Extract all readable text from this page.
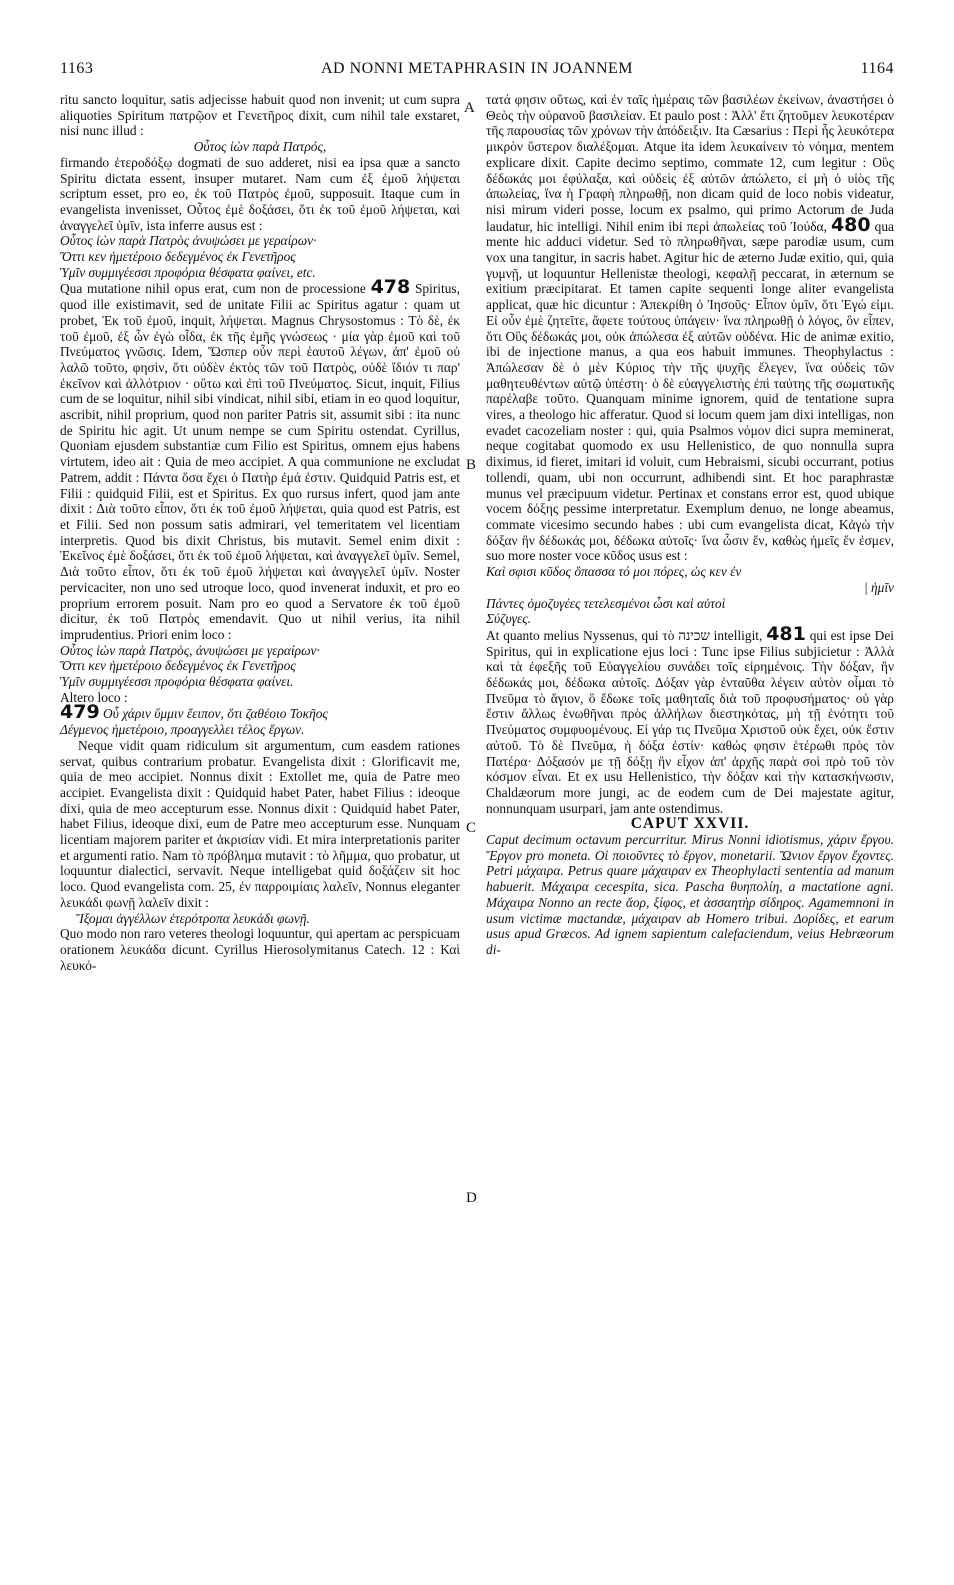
AD NONNI METAPHRASIN IN JOANNEM
1163	1164
A
B
C
D

ritu sancto loquitur, satis adjecisse habuit quod non invenit; ut cum supra aliquoties Spiritum πατρῷον et Γενετῆρος dixit, cum nihil tale exstaret, nisi nunc illud :

Οὗτος ἰὼν παρὰ Πατρός,

firmando ἑτεροδόξῳ dogmati de suo adderet, nisi ea ipsa quæ a sancto Spiritu dictata essent, insuper mutaret. Nam cum ἐξ ἐμοῦ λήψεται scriptum esset, pro eo, ἐκ τοῦ Πατρὸς ἐμοῦ, supposuit. Itaque cum in evangelista invenisset, Οὗτος ἐμὲ δοξάσει, ὅτι ἐκ τοῦ ἐμοῦ λήψεται, καὶ ἀναγγελεῖ ὑμῖν, ista inferre ausus est :

Οὗτος ἰὼν παρὰ Πατρὸς ἀνυψώσει με γεραίρων·

Ὅττι κεν ἡμετέροιο δεδεγμένος ἐκ Γενετῆρος

Ὑμῖν συμμιγέεσσι προφόρια θέσφατα φαίνει, etc.

Qua mutatione nihil opus erat, cum non de processione 478 Spiritus, quod ille existimavit, sed de unitate Filii ac Spiritus agatur : quam ut probet, Ἐκ τοῦ ἐμοῦ, inquit, λήψεται. Magnus Chrysostomus : Τὸ δὲ, ἐκ τοῦ ἐμοῦ, ἐξ ὧν ἐγὼ οἶδα, ἐκ τῆς ἐμῆς γνώσεως · μία γὰρ ἐμοῦ καὶ τοῦ Πνεύματος γνῶσις. Idem, Ὥσπερ οὖν περὶ ἑαυτοῦ λέγων, ἀπ' ἐμοῦ οὐ λαλῶ τοῦτο, φησὶν, ὅτι οὐδὲν ἐκτὸς τῶν τοῦ Πατρὸς, οὐδὲ ἴδιόν τι παρ' ἐκεῖνον καὶ ἀλλότριον · οὕτω καὶ ἐπὶ τοῦ Πνεύματος. Sicut, inquit, Filius cum de se loquitur, nihil sibi vindicat, nihil sibi, etiam in eo quod loquitur, ascribit, nihil proprium, quod non pariter Patris sit, assumit sibi : ita nunc de Spiritu hic agit. Ut unum nempe se cum Spiritu ostendat. Cyrillus, Quoniam ejusdem substantiæ cum Filio est Spiritus, omnem ejus habens virtutem, ideo ait : Quia de meo accipiet. A qua communione ne excludat Patrem, addit : Πάντα ὅσα ἔχει ὁ Πατὴρ ἐμά ἐστιν. Quidquid Patris est, et Filii : quidquid Filii, est et Spiritus. Ex quo rursus infert, quod jam ante dixit : Διὰ τοῦτο εἶπον, ὅτι ἐκ τοῦ ἐμοῦ λήψεται, quia quod est Patris, est et Filii. Sed non possum satis admirari, vel temeritatem vel licentiam interpretis. Quod bis dixit Christus, bis mutavit. Semel enim dixit : Ἐκεῖνος ἐμὲ δοξάσει, ὅτι ἐκ τοῦ ἐμοῦ λήψεται, καὶ ἀναγγελεῖ ὑμῖν. Semel, Διὰ τοῦτο εἶπον, ὅτι ἐκ τοῦ ἐμοῦ λήψεται καὶ ἀναγγελεῖ ὑμῖν. Noster pervicaciter, non uno sed utroque loco, quod invenerat induxit, et pro eo proprium errorem posuit. Nam pro eo quod a Servatore ἐκ τοῦ ἐμοῦ dicitur, ἐκ τοῦ Πατρὸς emendavit. Quo ut nihil verius, ita nihil imprudentius. Priori enim loco :

Οὗτος ἰὼν παρὰ Πατρὸς, ἀνυψώσει με γεραίρων·

Ὅττι κεν ἡμετέροιο δεδεγμένος ἐκ Γενετῆρος

Ὑμῖν συμμιγέεσσι προφόρια θέσφατα φαίνει.

Altero loco :

479 Οὗ χάριν ὕμμιν ἔειπον, ὅτι ζαθέοιο Τοκῆος

Δέγμενος ἡμετέροιο, προαγγελλει τέλος ἔργων.

Neque vidit quam ridiculum sit argumentum, cum easdem rationes servat, quibus contrarium probatur. Evangelista dixit : Glorificavit me, quia de meo accipiet. Nonnus dixit : Extollet me, quia de Patre meo accipiet. Evangelista dixit : Quidquid habet Pater, habet Filius : ideoque dixi, quia de meo accepturum esse. Nonnus dixit : Quidquid habet Pater, habet Filius, ideoque dixi, eum de Patre meo accepturum esse. Nunquam licentiam majorem pariter et ἀκρισίαν vidi. Et mira interpretationis pariter et argumenti ratio. Nam τὸ πρόβλημα mutavit : τὸ λῆμμα, quo probatur, ut loquuntur dialectici, servavit. Neque intelligebat quid δοξάζειν sit hoc loco. Quod evangelista com. 25, ἐν παρροιμίαις λαλεῖν, Nonnus eleganter λευκάδι φωνῇ λαλεῖν dixit :

Ἴξομαι ἀγγέλλων ἑτερότροπα λευκάδι φωνῇ.

Quo modo non raro veteres theologi loquuntur, qui apertam ac perspicuam orationem λευκάδα dicunt. Cyrillus Hierosolymitanus Catech. 12 : Καὶ λευκό-

τατά φησιν οὕτως, καὶ ἐν ταῖς ἡμέραις τῶν βασιλέων ἐκείνων, ἀναστήσει ὁ Θεὸς τὴν οὐρανοῦ βασιλείαν. Et paulo post : Ἀλλ' ἔτι ζητοῦμεν λευκοτέραν τῆς παρουσίας τῶν χρόνων τὴν ἀπόδειξιν. Ita Cæsarius : Περὶ ἧς λευκότερα μικρὸν ὕστερον διαλέξομαι. Atque ita idem λευκαίνειν τὸ νόημα, mentem explicare dixit. Capite decimo septimo, commate 12, cum legitur : Οὓς δέδωκάς μοι ἐφύλαξα, καὶ οὐδεὶς ἐξ αὐτῶν ἀπώλετο, εἰ μὴ ὁ υἱὸς τῆς ἀπωλείας, ἵνα ἡ Γραφὴ πληρωθῇ, non dicam quid de loco nobis videatur, nisi mirum videri posse, locum ex psalmo, qui primo Actorum de Juda laudatur, hic intelligi. Nihil enim ibi περὶ ἀπωλείας τοῦ Ἰούδα, 480 qua mente hic adduci videtur. Sed τὸ πληρωθῆναι, sæpe parodiæ usum, cum vox una tangitur, in sacris habet. Agitur hic de æterno Judæ exitio, qui, quia γυμνῇ, ut loquuntur Hellenistæ theologi, κεφαλῇ peccarat, in æternum se exitium præcipitarat. Et tamen capite sequenti longe aliter evangelista applicat, quæ hic dicuntur : Ἀπεκρίθη ὁ Ἰησοῦς· Εἶπον ὑμῖν, ὅτι Ἐγώ εἰμι. Εἰ οὖν ἐμὲ ζητεῖτε, ἄφετε τούτους ὑπάγειν· ἵνα πληρωθῇ ὁ λόγος, ὃν εἶπεν, ὅτι Οὓς δέδωκάς μοι, οὐκ ἀπώλεσα ἐξ αὐτῶν οὐδένα. Hic de animæ exitio, ibi de injectione manus, a qua eos habuit immunes. Theophylactus : Ἀπώλεσαν δὲ ὁ μὲν Κύριος τὴν τῆς ψυχῆς ἔλεγεν, ἵνα οὐδεὶς τῶν μαθητευθέντων αὐτῷ ὑπέστη· ὁ δὲ εὐαγγελιστὴς ἐπὶ ταύτης τῆς σωματικῆς παρέλαβε τοῦτο. Quanquam minime ignorem, quid de tentatione supra vires, a theologo hic afferatur. Quod si locum quem jam dixi intelligas, non evadet cacozeliam noster : qui, quia Psalmos νόμον dici supra meminerat, neque cogitabat quomodo ex usu Hellenistico, de quo nonnulla supra diximus, id fieret, imitari id voluit, cum Hebraismi, sicubi occurrant, potius tollendi, quam, ubi non occurrunt, adhibendi sint. Et hoc paraphrastæ munus vel præcipuum videtur. Pertinax et constans error est, quod ubique vocem δόξης pessime interpretatur. Exemplum denuo, ne longe abeamus, commate vicesimo secundo habes : ubi cum evangelista dicat, Κἀγὼ τὴν δόξαν ἣν δέδωκάς μοι, δέδωκα αὐτοῖς· ἵνα ὦσιν ἕν, καθὼς ἡμεῖς ἕν ἐσμεν, suo more noster voce κῦδος usus est :

Καὶ σφισι κῦδος ὅπασσα τό μοι πόρες, ὡς κεν ἐν

| ἡμῖν

Πάντες ὁμοζυγέες τετελεσμένοι ὦσι καὶ αὐτοὶ

Σύζυγες.

At quanto melius Nyssenus, qui τὸ שכינה intelligit, 481 qui est ipse Dei Spiritus, qui in explicatione ejus loci : Tunc ipse Filius subjicietur : Ἀλλὰ καὶ τὰ ἐφεξῆς τοῦ Εὐαγγελίου συνάδει τοῖς εἰρημένοις. Τὴν δόξαν, ἣν δέδωκάς μοι, δέδωκα αὐτοῖς. Δόξαν γὰρ ἐνταῦθα λέγειν αὐτὸν οἶμαι τὸ Πνεῦμα τὸ ἅγιον, ὃ ἔδωκε τοῖς μαθηταῖς διὰ τοῦ προφυσήματος· οὐ γὰρ ἔστιν ἄλλως ἑνωθῆναι πρὸς ἀλλήλων διεστηκότας, μὴ τῇ ἑνότητι τοῦ Πνεύματος συμφυομένους. Εἰ γάρ τις Πνεῦμα Χριστοῦ οὐκ ἔχει, οὐκ ἔστιν αὐτοῦ. Τὸ δὲ Πνεῦμα, ἡ δόξα ἐστίν· καθώς φησιν ἑτέρωθι πρὸς τὸν Πατέρα· Δόξασόν με τῇ δόξῃ ἣν εἶχον ἀπ' ἀρχῆς παρὰ σοὶ πρὸ τοῦ τὸν κόσμον εἶναι. Et ex usu Hellenistico, τὴν δόξαν καὶ τὴν κατασκήνωσιν, Chaldæorum more jungi, ac de eodem cum de Dei majestate agitur, nonnunquam usurpari, jam ante ostendimus.

CAPUT XXVII.

Caput decimum octavum percurritur. Mirus Nonni idiotismus, χάριν ἔργου. Ἔργον pro moneta. Οἱ ποιοῦντες τὸ ἔργον, monetarii. Ὤνιον ἔργον ἔχοντες. Petri μάχαιρα. Petrus quare μάχαιραν ex Theophylacti sententia ad manum habuerit. Μάχαιρα cecespita, sica. Pascha θυηπολίη, a mactatione agni. Μάχαιρα Nonno an recte ἄορ, ξίφος, et ἀσσαητὴρ σίδηρος. Agamemnoni in usum victimæ mactandæ, μάχαιραν ab Homero tribui. Δορίδες, et earum usus apud Græcos. Ad ignem sapientum calefaciendum, veius Hebræorum di-
